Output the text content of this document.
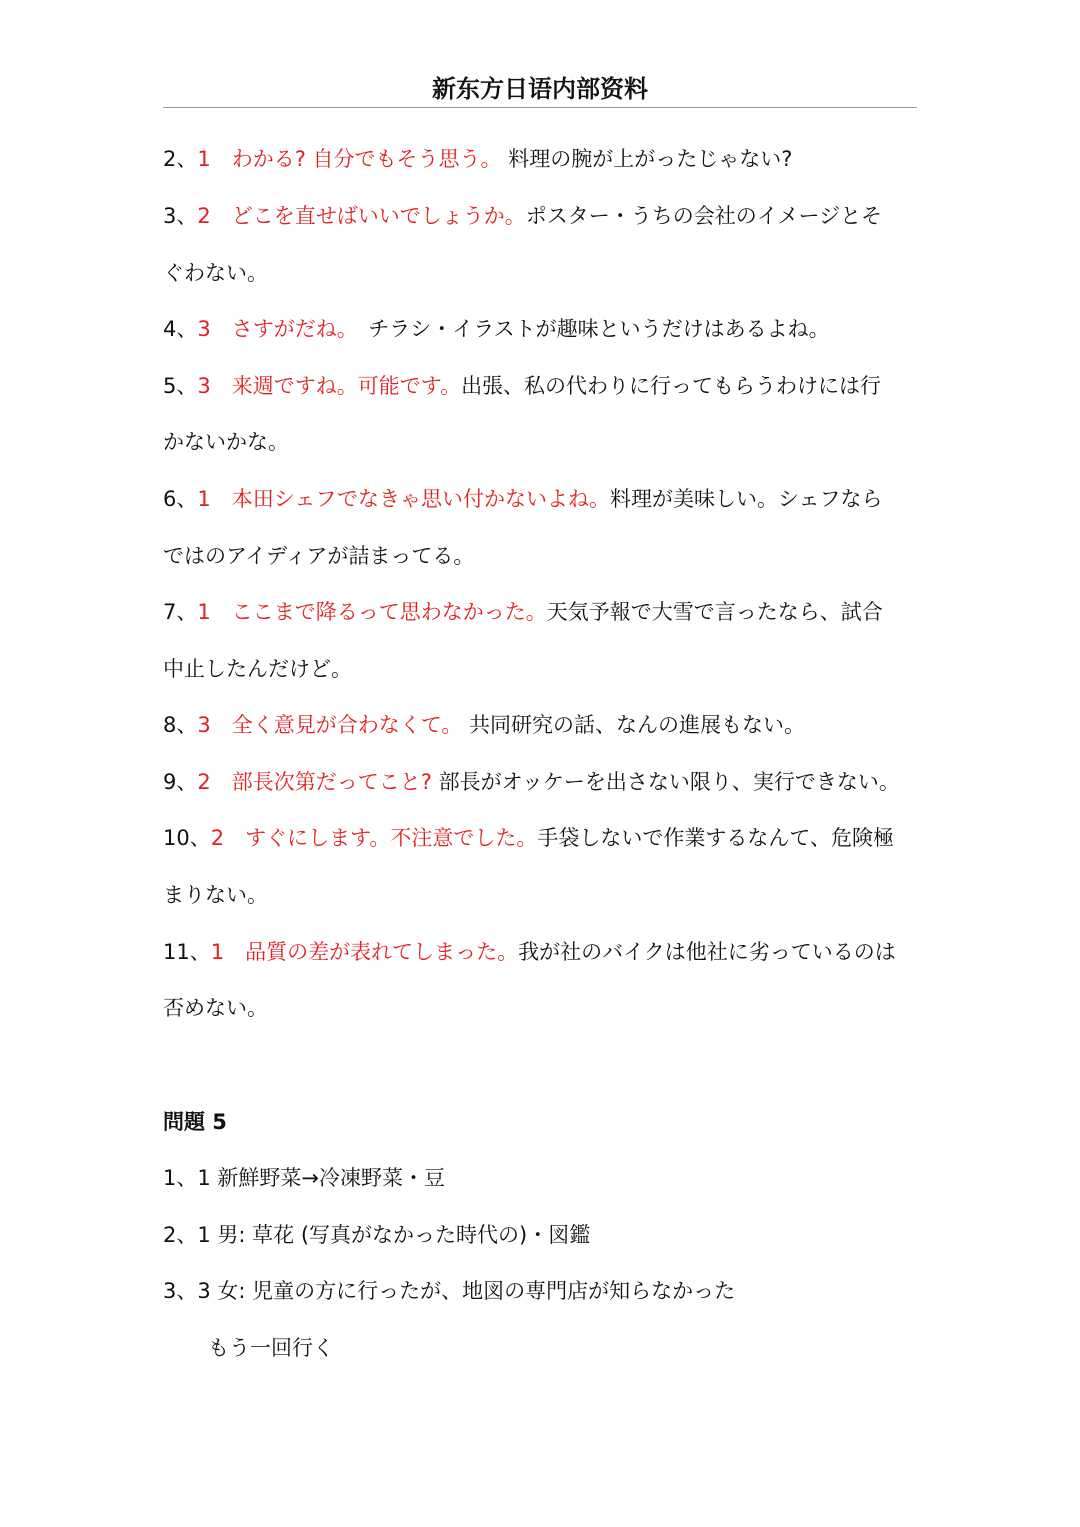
新东方日语内部资料
2、1　わかる? 自分でもそう思う。 料理の腕が上がったじゃない?
3、2　どこを直せばいいでしょうか。ポスター・うちの会社のイメージとそ
ぐわない。
4、3　さすがだね。　チラシ・イラストが趣味というだけはあるよね。
5、3　来週ですね。可能です。出張、私の代わりに行ってもらうわけには行
かないかな。
6、1　本田シェフでなきゃ思い付かないよね。料理が美味しい。シェフなら
ではのアイディアが詰まってる。
7、1　ここまで降るって思わなかった。天気予報で大雪で言ったなら、試合
中止したんだけど。
8、3　全く意見が合わなくて。 共同研究の話、なんの進展もない。
9、2　部長次第だってこと? 部長がオッケーを出さない限り、実行できない。
10、2　すぐにします。不注意でした。手袋しないで作業するなんて、危険極
まりない。
11、1　品質の差が表れてしまった。我が社のバイクは他社に劣っているのは
否めない。
問題 5
1、1 新鮮野菜→冷凍野菜・豆
2、1 男: 草花 (写真がなかった時代の)・図鑑
3、3 女: 児童の方に行ったが、地図の専門店が知らなかった
もう一回行く
